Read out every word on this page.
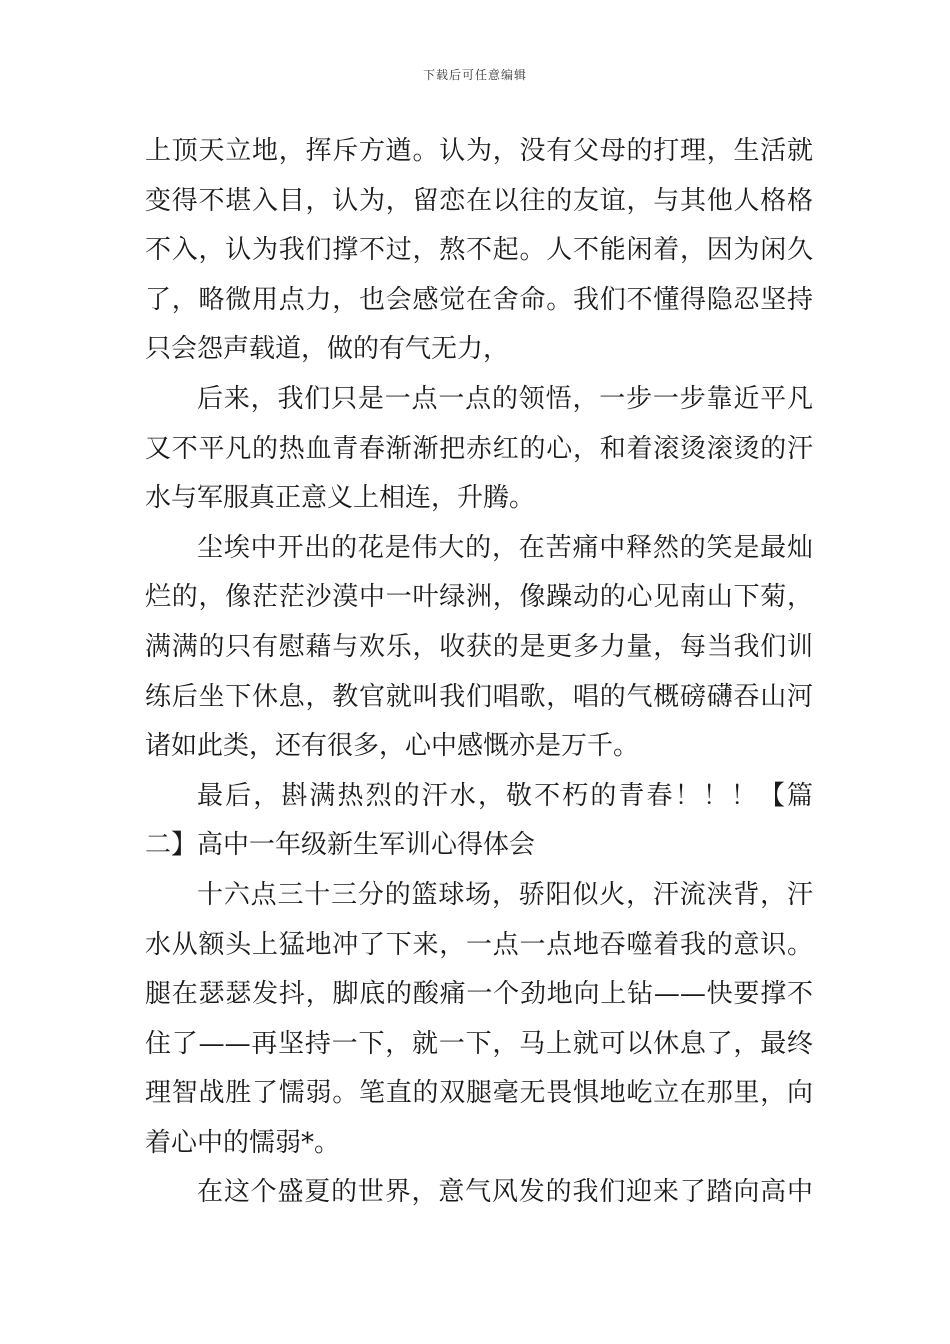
下载后可任意编辑
上顶天立地，挥斥方遒。认为，没有父母的打理，生活就
变得不堪入目，认为，留恋在以往的友谊，与其他人格格
不入，认为我们撑不过，熬不起。人不能闲着，因为闲久
了，略微用点力，也会感觉在舍命。我们不懂得隐忍坚持
只会怨声载道，做的有气无力，
后来，我们只是一点一点的领悟，一步一步靠近平凡
又不平凡的热血青春渐渐把赤红的心，和着滚烫滚烫的汗
水与军服真正意义上相连，升腾。
尘埃中开出的花是伟大的，在苦痛中释然的笑是最灿
烂的，像茫茫沙漠中一叶绿洲，像躁动的心见南山下菊，
满满的只有慰藉与欢乐，收获的是更多力量，每当我们训
练后坐下休息，教官就叫我们唱歌，唱的气概磅礴吞山河
诸如此类，还有很多，心中感慨亦是万千。
最后，斟满热烈的汗水，敬不朽的青春！！！【篇
二】高中一年级新生军训心得体会
十六点三十三分的篮球场，骄阳似火，汗流浃背，汗
水从额头上猛地冲了下来，一点一点地吞噬着我的意识。
腿在瑟瑟发抖，脚底的酸痛一个劲地向上钻——快要撑不
住了——再坚持一下，就一下，马上就可以休息了，最终
理智战胜了懦弱。笔直的双腿毫无畏惧地屹立在那里，向
着心中的懦弱*。
在这个盛夏的世界，意气风发的我们迎来了踏向高中
